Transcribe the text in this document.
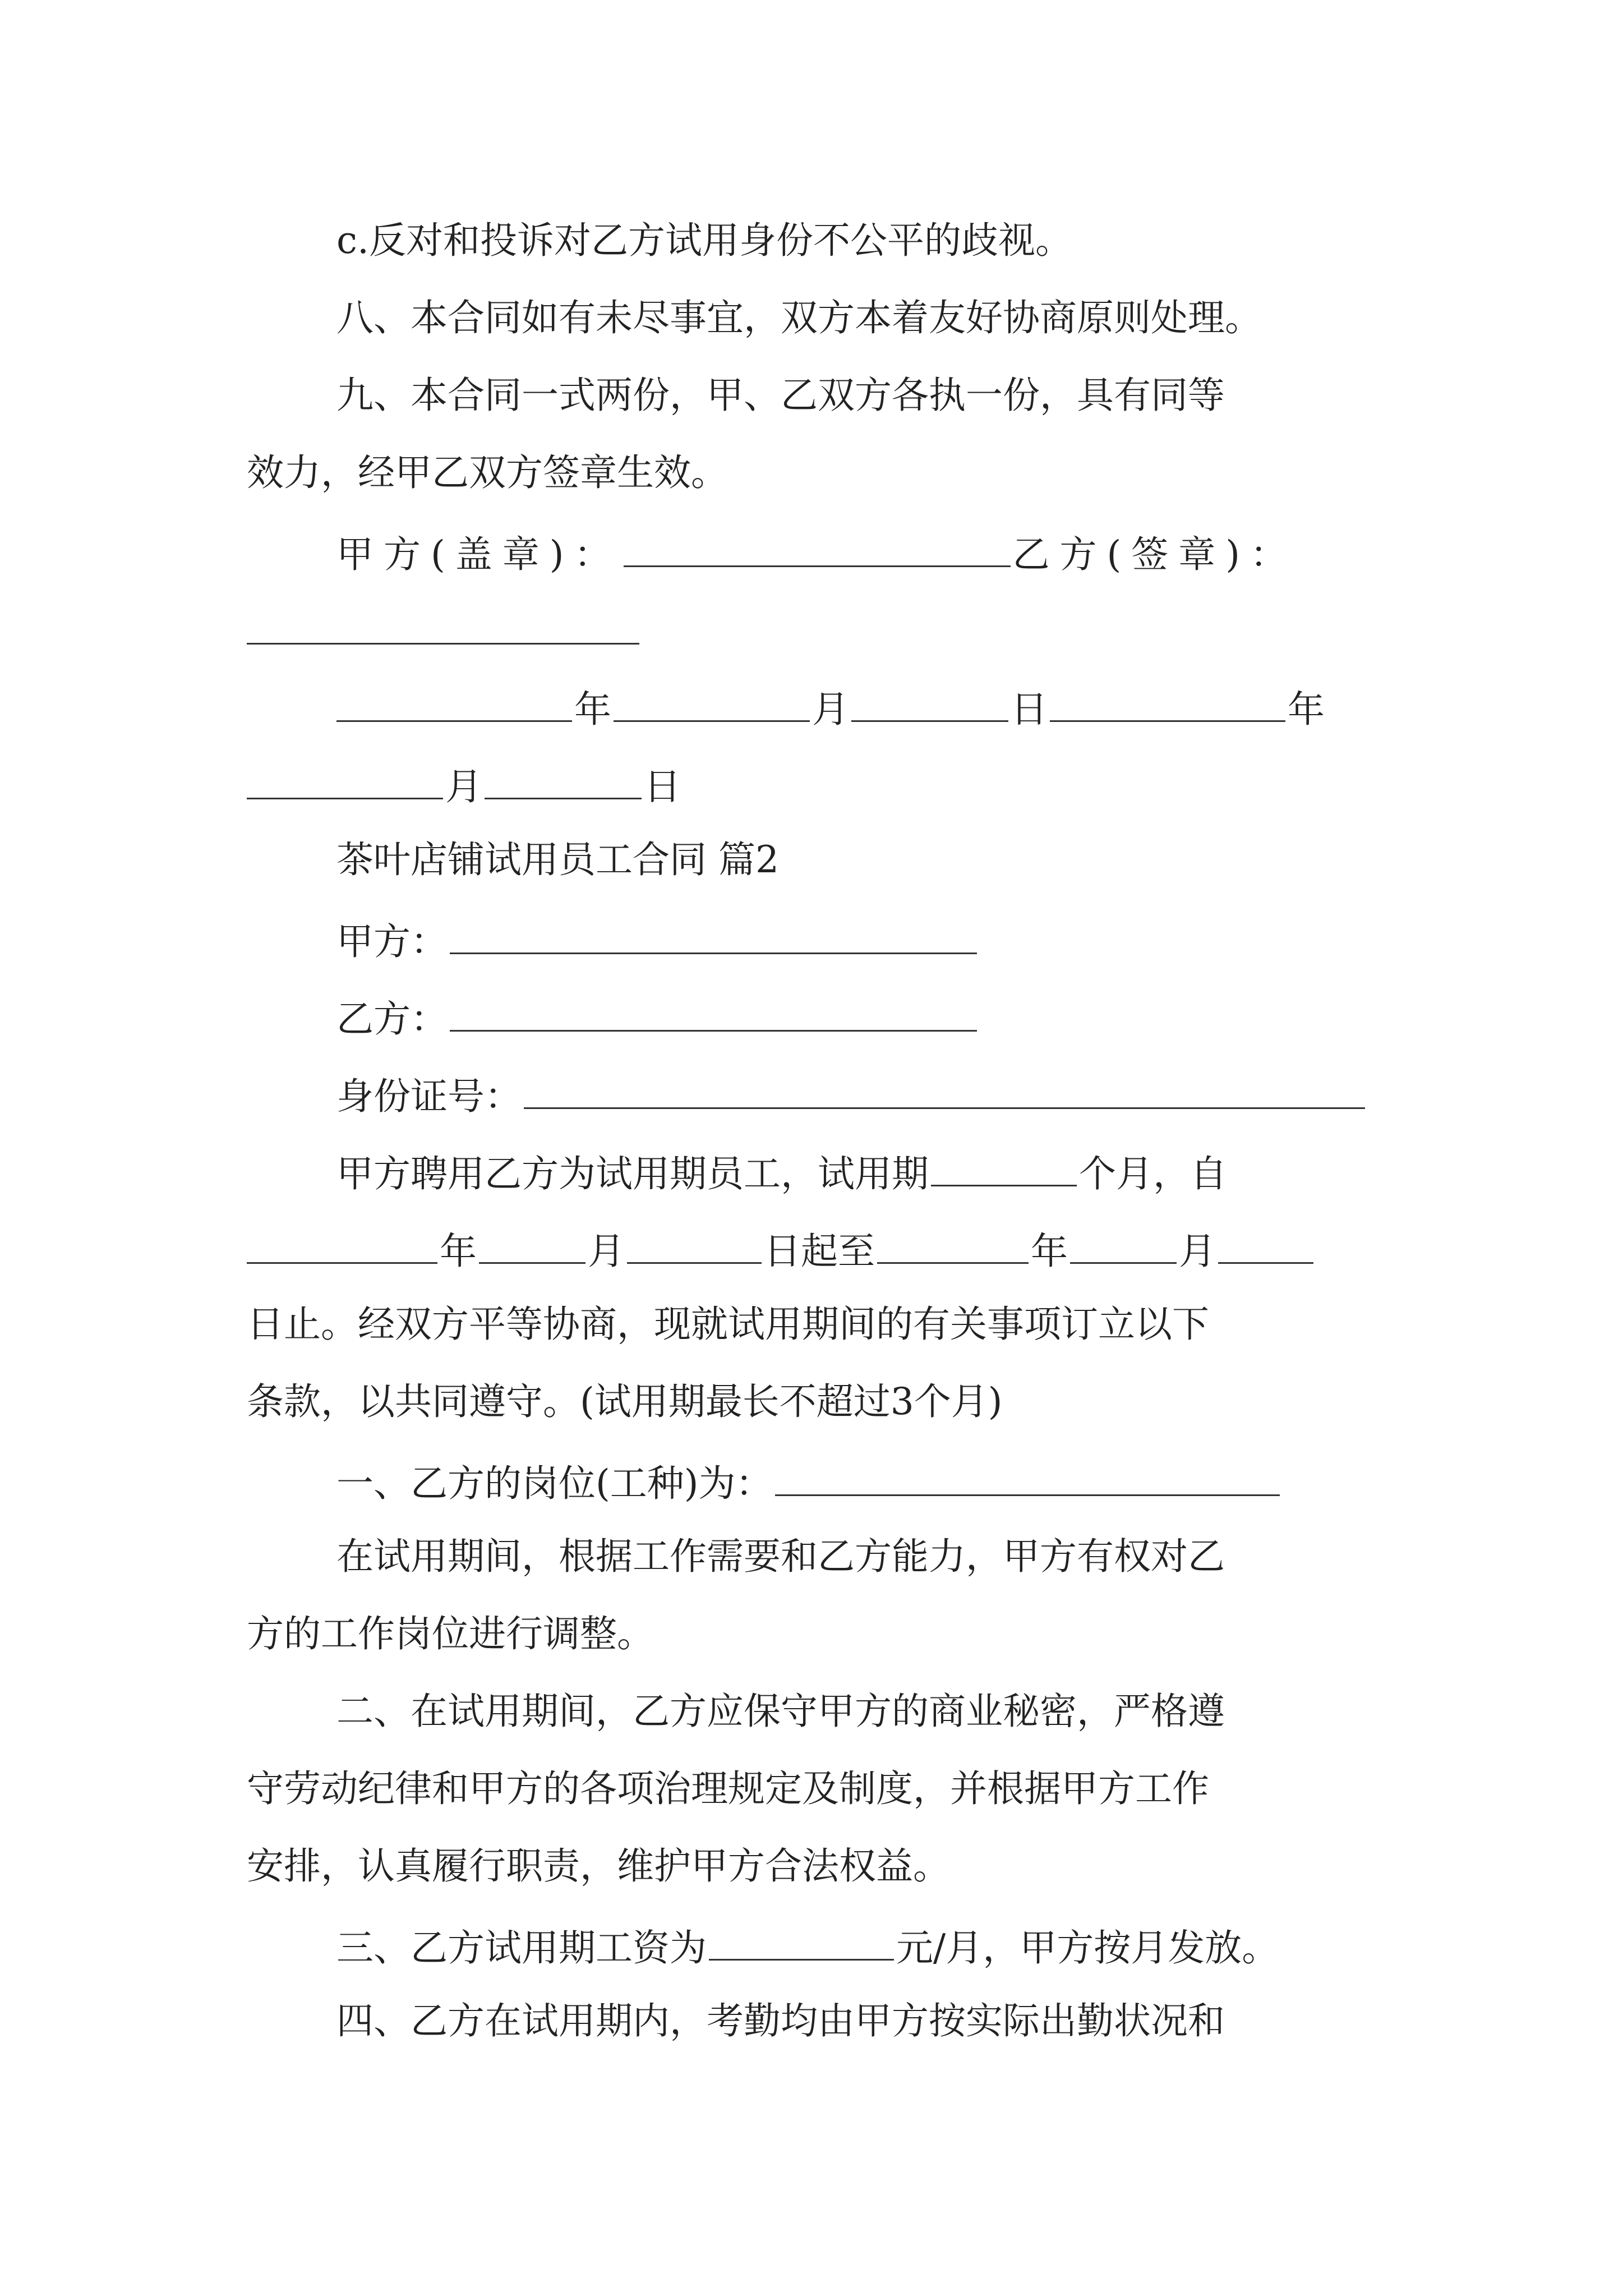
c.反对和投诉对乙方试用身份不公平的歧视。
八、本合同如有未尽事宜，双方本着友好协商原则处理。
九、本合同一式两份，甲、乙双方各执一份，具有同等
效力，经甲乙双方签章生效。
甲方(盖章)：	乙方(签章)：
年	月	日	年
月	日
茶叶店铺试用员工合同 篇2
甲方：
乙方：
身份证号：
甲方聘用乙方为试用期员工，试用期	个月，自
年	月	日起至	年	月
日止。经双方平等协商，现就试用期间的有关事项订立以下
条款，以共同遵守。(试用期最长不超过3个月)
一、乙方的岗位(工种)为：
在试用期间，根据工作需要和乙方能力，甲方有权对乙
方的工作岗位进行调整。
二、在试用期间，乙方应保守甲方的商业秘密，严格遵
守劳动纪律和甲方的各项治理规定及制度，并根据甲方工作
安排，认真履行职责，维护甲方合法权益。
三、乙方试用期工资为	元/月，甲方按月发放。
四、乙方在试用期内，考勤均由甲方按实际出勤状况和
